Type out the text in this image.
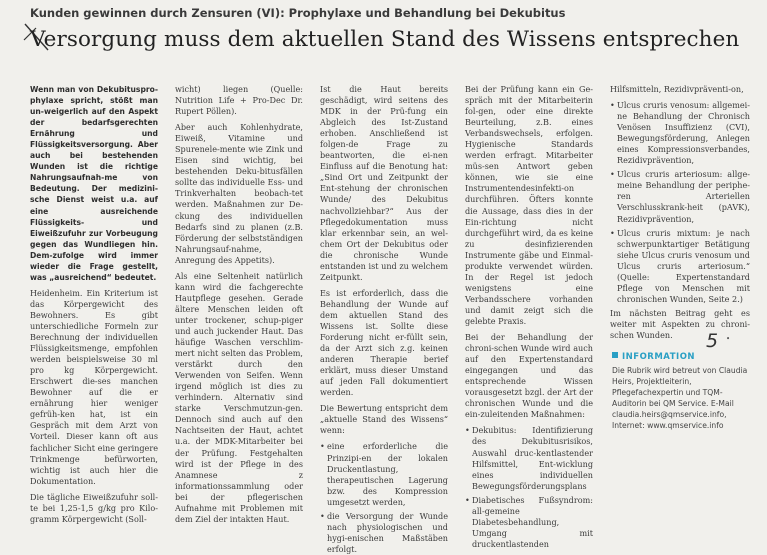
Kunden gewinnen durch Zensuren (VI): Prophylaxe und Behandlung bei Dekubitus
Versorgung muss dem aktuellen Stand des Wissens entsprechen

Wenn man von Dekubituspro-phylaxe spricht, stößt man un-weigerlich auf den Aspekt der bedarfsgerechten Ernährung und Flüssigkeitsversorgung. Aber auch bei bestehenden Wunden ist die richtige Nahrungsaufnah-me von Bedeutung. Der medizini-sche Dienst weist u.a. auf eine ausreichende Flüssigkeits- und Eiweißzufuhr zur Vorbeugung gegen das Wundliegen hin. Dem-zufolge wird immer wieder die Frage gestellt, was „ausreichend“ bedeutet.

Heidenheim. Ein Kriterium ist das Körpergewicht des Bewohners. Es gibt unterschiedliche Formeln zur Berechnung der individuellen Flüssigkeitsmenge, empfohlen werden beispielsweise 30 ml pro kg Körpergewicht. Erschwert die-ses manchen Bewohner auf die er ernährung hier weniger gefrüh-ken hat, ist ein Gespräch mit dem Arzt von Vorteil. Dieser kann oft aus fachlicher Sicht eine geringere Trinkmenge befürworten, wichtig ist auch hier die Dokumentation.

Die tägliche Eiweißzufuhr soll-te bei 1,25-1,5 g/kg pro Kilo-gramm Körpergewicht (Soll-

wicht) liegen (Quelle: Nutrition Life + Pro-Dec Dr. Rupert Pöllen).

Aber auch Kohlenhydrate, Eiweiß, Vitamine und Spurenele-mente wie Zink und Eisen sind wichtig, bei bestehenden Deku-bitusfällen sollte das individuelle Ess- und Trinkverhalten beobach-tet werden. Maßnahmen zur De-ckung des individuellen Bedarfs sind zu planen (z.B. Förderung der selbstständigen Nahrungsauf-nahme, Anregung des Appetits).

Als eine Seltenheit natürlich kann wird die fachgerechte Hautpflege gesehen. Gerade ältere Menschen leiden oft unter trockener, schup-piger und auch juckender Haut. Das häufige Waschen verschlim-mert nicht selten das Problem, verstärkt durch den Verwenden von Seifen. Wenn irgend möglich ist dies zu verhindern. Alternativ sind starke Verschmutzun-gen. Dennoch sind auch auf den Nachtseiten der Haut, achtet u.a. der MDK-Mitarbeiter bei der Prüfung. Festgehalten wird ist der Pflege in des Anamnese z informationssammlung oder bei der pflegerischen Aufnahme mit Problemen mit dem Ziel der intakten Haut.

Ist die Haut bereits geschädigt, wird seitens des MDK in der Prü-fung ein Abgleich des Ist-Zustand erhoben. Anschließend ist folgen-de Frage zu beantworten, die ei-nen Einfluss auf die Benotung hat: „Sind Ort und Zeitpunkt der Ent-stehung der chronischen Wunde/ des Dekubitus nachvollziehbar?“ Aus der Pflegedokumentation muss klar erkennbar sein, an wel-chem Ort der Dekubitus oder die chronische Wunde entstanden ist und zu welchem Zeitpunkt.

Es ist erforderlich, dass die Behandlung der Wunde auf dem aktuellen Stand des Wissens ist. Sollte diese Forderung nicht er-füllt sein, da der Arzt sich z.g. keinen anderen Therapie berief erklärt, muss dieser Umstand auf jeden Fall dokumentiert werden.

Die Bewertung entspricht dem „aktuelle Stand des Wissens“ wenn:

• eine erforderliche die Prinzipi-en der lokalen Druckentlastung, therapeutischen Lagerung bzw. des Kompression umgesetzt werden,
• die Versorgung der Wunde nach physiologischen und hygi-enischen Maßstäben erfolgt.

Bei der Prüfung kann ein Ge-spräch mit der Mitarbeiterin fol-gen, oder eine direkte Beurteilung, z.B. eines Verbandswechsels, erfolgen. Hygienische Standards werden erfragt. Mitarbeiter müs-sen Antwort geben können, wie sie eine Instrumentendesinfekti-on durchführen. Öfters konnte die Aussage, dass dies in der Ein-richtung nicht durchgeführt wird, da es keine zu desinfizierenden Instrumente gäbe und Einmal-produkte verwendet würden. In der Regel ist jedoch wenigstens eine Verbandsschere vorhanden und damit zeigt sich die gelebte Praxis.

Bei der Behandlung der chroni-schen Wunde wird auch auf den Expertenstandard eingegangen und das entsprechende Wissen vorausgesetzt bzgl. der Art der chronischen Wunde und die ein-zuleitenden Maßnahmen:

• Dekubitus: Identifizierung des Dekubitusrisikos, Auswahl druc-kentlastender Hilfsmittel, Ent-wicklung eines individuellen Bewegungsförderungsplans
• Diabetisches Fußsyndrom: all-gemeine Diabetesbehandlung, Umgang mit druckentlastenden

Hilfsmitteln, Rezidivpräventi-on,

• Ulcus cruris venosum: allgemei-ne Behandlung der Chronisch Venösen Insuffizienz (CVI), Bewegungsförderung, Anlegen eines Kompressionsverbandes, Rezidivprävention,
• Ulcus cruris arteriosum: allge-meine Behandlung der periphe-ren Arteriellen Verschlusskrank-heit (pAVK), Rezidivprävention,
• Ulcus cruris mixtum: je nach schwerpunktartiger Betätigung siehe Ulcus cruris venosum und Ulcus cruris arteriosum.“ (Quelle: Expertenstandard Pflege von Menschen mit chronischen Wunden, Seite 2.)

Im nächsten Beitrag geht es weiter mit Aspekten zu chroni-schen Wunden.	5 •
INFORMATION
Die Rubrik wird betreut von Claudia Heirs, Projektleiterin, Pflegefachexpertin und TQM-Auditorin bei QM Service. E-Mail claudia.heirs@qmservice.info, Internet: www.qmservice.info
